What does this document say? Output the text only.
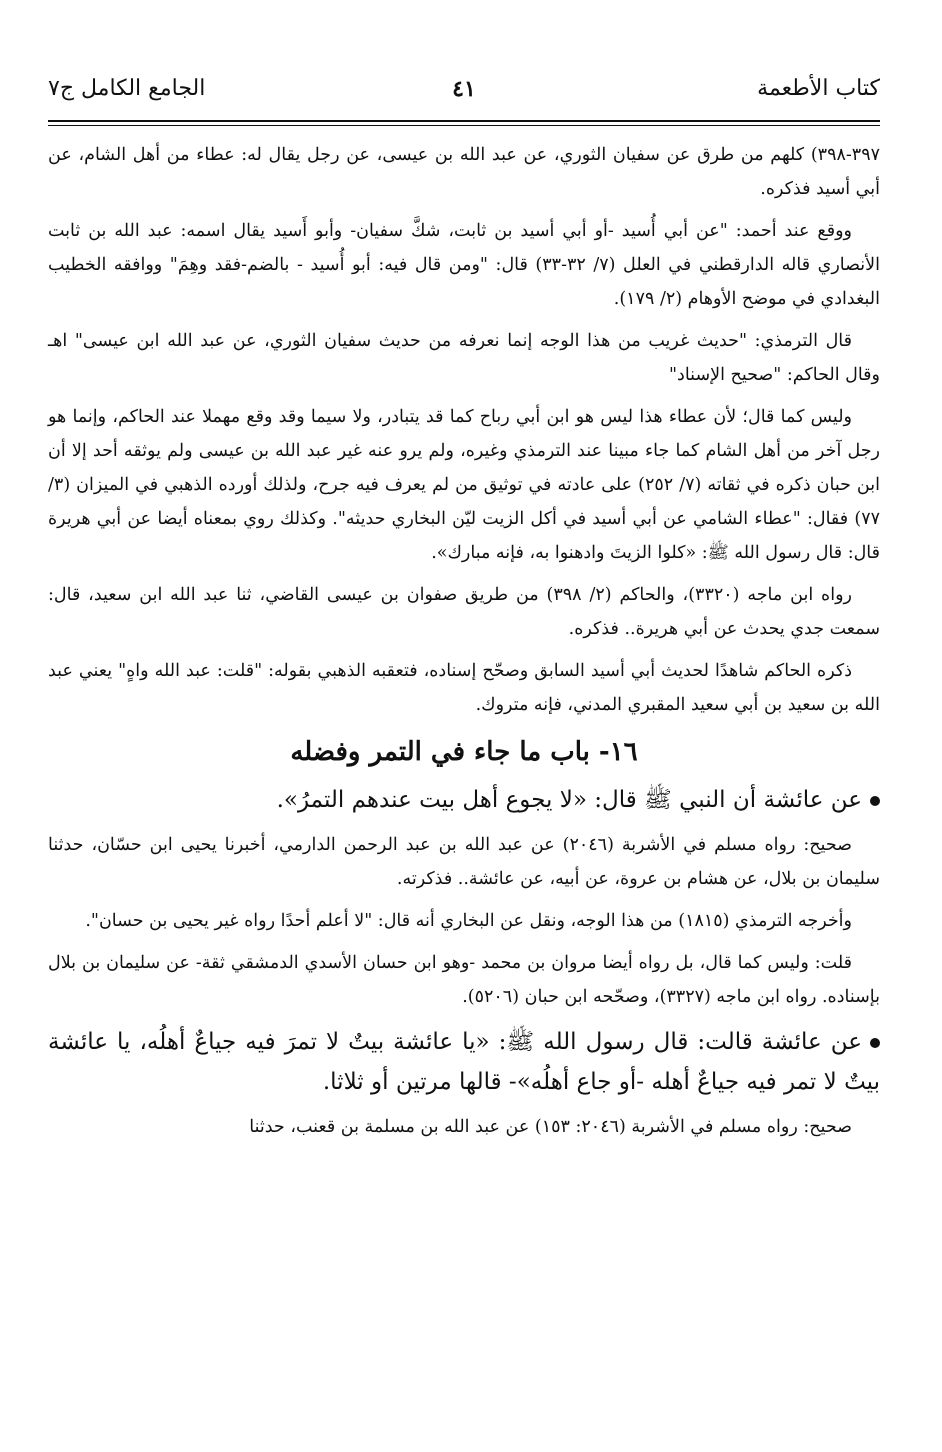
كتاب الأطعمة
٤١
الجامع الكامل ج٧

٣٩٧-٣٩٨) كلهم من طرق عن سفيان الثوري، عن عبد الله بن عيسى، عن رجل يقال له: عطاء من أهل الشام، عن أبي أسيد فذكره.

ووقع عند أحمد: "عن أبي أُسيد -أو أبي أسيد بن ثابت، شكَّ سفيان- وأبو أَسيد يقال اسمه: عبد الله بن ثابت الأنصاري قاله الدارقطني في العلل (٧/ ٣٢-٣٣) قال: "ومن قال فيه: أبو أُسيد - بالضم-فقد وهِمَ" ووافقه الخطيب البغدادي في موضح الأوهام (٢/ ١٧٩).

قال الترمذي: "حديث غريب من هذا الوجه إنما نعرفه من حديث سفيان الثوري، عن عبد الله ابن عيسى" اهـ وقال الحاكم: "صحيح الإسناد"

وليس كما قال؛ لأن عطاء هذا ليس هو ابن أبي رباح كما قد يتبادر، ولا سيما وقد وقع مهملا عند الحاكم، وإنما هو رجل آخر من أهل الشام كما جاء مبينا عند الترمذي وغيره، ولم يرو عنه غير عبد الله بن عيسى ولم يوثقه أحد إلا أن ابن حبان ذكره في ثقاته (٧/ ٢٥٢) على عادته في توثيق من لم يعرف فيه جرح، ولذلك أورده الذهبي في الميزان (٣/ ٧٧) فقال: "عطاء الشامي عن أبي أسيد في أكل الزيت ليّن البخاري حديثه". وكذلك روي بمعناه أيضا عن أبي هريرة قال: قال رسول الله ﷺ: «كلوا الزيتَ وادهنوا به، فإنه مبارك».

رواه ابن ماجه (٣٣٢٠)، والحاكم (٢/ ٣٩٨) من طريق صفوان بن عيسى القاضي، ثنا عبد الله ابن سعيد، قال: سمعت جدي يحدث عن أبي هريرة.. فذكره.

ذكره الحاكم شاهدًا لحديث أبي أسيد السابق وصحّح إسناده، فتعقبه الذهبي بقوله: "قلت: عبد الله واهٍ" يعني عبد الله بن سعيد بن أبي سعيد المقبري المدني، فإنه متروك.

١٦- باب ما جاء في التمر وفضله

عن عائشة أن النبي ﷺ قال: «لا يجوع أهل بيت عندهم التمرُ».

صحيح: رواه مسلم في الأشربة (٢٠٤٦) عن عبد الله بن عبد الرحمن الدارمي، أخبرنا يحيى ابن حسّان، حدثنا سليمان بن بلال، عن هشام بن عروة، عن أبيه، عن عائشة.. فذكرته.

وأخرجه الترمذي (١٨١٥) من هذا الوجه، ونقل عن البخاري أنه قال: "لا أعلم أحدًا رواه غير يحيى بن حسان".

قلت: وليس كما قال، بل رواه أيضا مروان بن محمد -وهو ابن حسان الأسدي الدمشقي ثقة- عن سليمان بن بلال بإسناده. رواه ابن ماجه (٣٣٢٧)، وصحّحه ابن حبان (٥٢٠٦).

عن عائشة قالت: قال رسول الله ﷺ: «يا عائشة بيتٌ لا تمرَ فيه جياعٌ أهلُه، يا عائشة بيتٌ لا تمر فيه جياعٌ أهله -أو جاع أهلُه»- قالها مرتين أو ثلاثا.

صحيح: رواه مسلم في الأشربة (٢٠٤٦: ١٥٣) عن عبد الله بن مسلمة بن قعنب، حدثنا
